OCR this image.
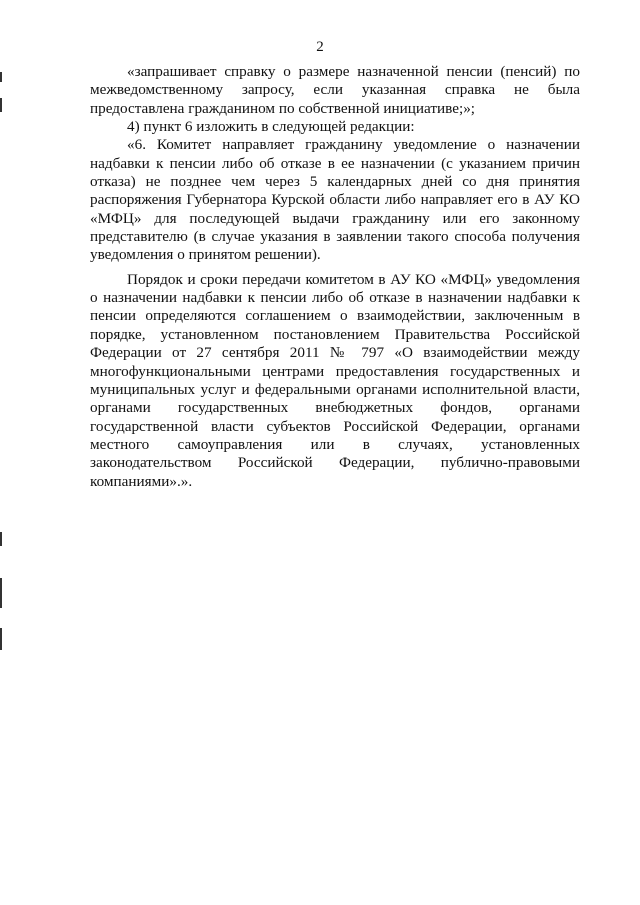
2

«запрашивает справку о размере назначенной пенсии (пенсий) по межведомственному запросу, если указанная справка не была предоставлена гражданином по собственной инициативе;»;

4) пункт 6 изложить в следующей редакции:

«6. Комитет направляет гражданину уведомление о назначении надбавки к пенсии либо об отказе в ее назначении (с указанием причин отказа) не позднее чем через 5 календарных дней со дня принятия распоряжения Губернатора Курской области либо направляет его в АУ КО «МФЦ» для последующей выдачи гражданину или его законному представителю (в случае указания в заявлении такого способа получения уведомления о принятом решении).

Порядок и сроки передачи комитетом в АУ КО «МФЦ» уведомления о назначении надбавки к пенсии либо об отказе в назначении надбавки к пенсии определяются соглашением о взаимодействии, заключенным в порядке, установленном постановлением Правительства Российской Федерации от 27 сентября 2011 № 797 «О взаимодействии между многофункциональными центрами предоставления государственных и муниципальных услуг и федеральными органами исполнительной власти, органами государственных внебюджетных фондов, органами государственной власти субъектов Российской Федерации, органами местного самоуправления или в случаях, установленных законодательством Российской Федерации, публично-правовыми компаниями».».
